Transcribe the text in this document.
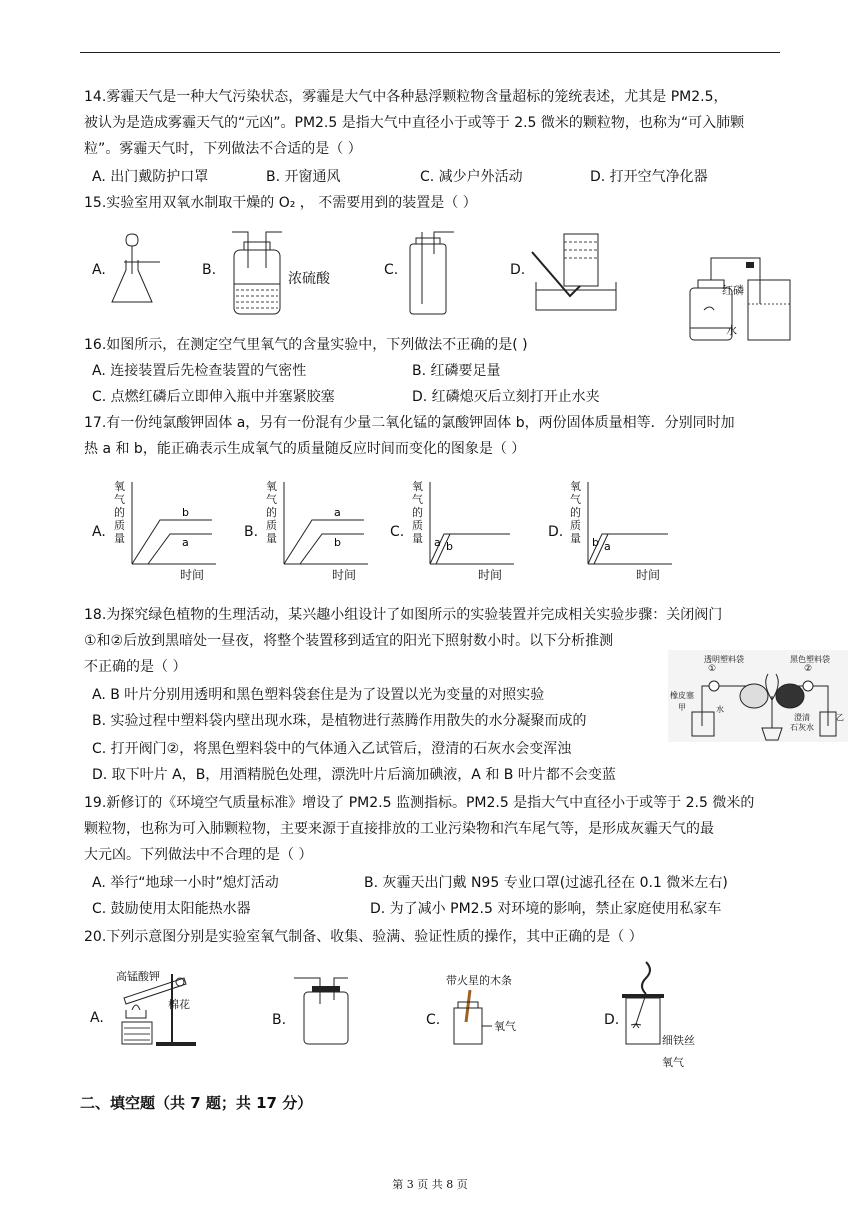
14.雾霾天气是一种大气污染状态，雾霾是大气中各种悬浮颗粒物含量超标的笼统表述，尤其是 PM2.5，
被认为是造成雾霾天气的“元凶”。PM2.5 是指大气中直径小于或等于 2.5 微米的颗粒物，也称为“可入肺颗
粒”。雾霾天气时，下列做法不合适的是（ ）
A. 出门戴防护口罩	B. 开窗通风	C. 减少户外活动	D. 打开空气净化器
15.实验室用双氧水制取干燥的 O₂ ， 不需要用到的装置是（ ）
A.	B.
浓硫酸
C.	D.
红磷
水
16.如图所示，在测定空气里氧气的含量实验中，下列做法不正确的是( )
A. 连接装置后先检查装置的气密性	B. 红磷要足量
C. 点燃红磷后立即伸入瓶中并塞紧胶塞	D. 红磷熄灭后立刻打开止水夹
17.有一份纯氯酸钾固体 a，另有一份混有少量二氧化锰的氯酸钾固体 b，两份固体质量相等．分别同时加
热 a 和 b，能正确表示生成氧气的质量随反应时间而变化的图象是（ ）
A.
氧
气
的
质
量
b
a
时间
B.
氧
气
的
质
量
a
b
时间
C.
氧
气
的
质
量 a b
时间
D.
氧
气
的
质
量 b a
时间
18.为探究绿色植物的生理活动，某兴趣小组设计了如图所示的实验装置并完成相关实验步骤：关闭阀门
①和②后放到黑暗处一昼夜，将整个装置移到适宜的阳光下照射数小时。以下分析推测
不正确的是（ ）
A. B 叶片分别用透明和黑色塑料袋套住是为了设置以光为变量的对照实验
B. 实验过程中塑料袋内壁出现水珠，是植物进行蒸腾作用散失的水分凝聚而成的
C. 打开阀门②，将黑色塑料袋中的气体通入乙试管后，澄清的石灰水会变浑浊
D. 取下叶片 A，B，用酒精脱色处理，漂洗叶片后滴加碘液，A 和 B 叶片都不会变蓝
透明塑料袋	黑色塑料袋
①	②
橡皮塞
甲	水
澄清
石灰水
乙
19.新修订的《环境空气质量标准》增设了 PM2.5 监测指标。PM2.5 是指大气中直径小于或等于 2.5 微米的
颗粒物，也称为可入肺颗粒物，主要来源于直接排放的工业污染物和汽车尾气等，是形成灰霾天气的最
大元凶。下列做法中不合理的是（ ）
A. 举行“地球一小时”熄灯活动	B. 灰霾天出门戴 N95 专业口罩(过滤孔径在 0.1 微米左右)
C. 鼓励使用太阳能热水器	D. 为了减小 PM2.5 对环境的影响，禁止家庭使用私家车
20.下列示意图分别是实验室氧气制备、收集、验满、验证性质的操作，其中正确的是（ ）
A.
高锰酸钾
棉花
B.	C.
带火星的木条
氧气	D.
细铁丝
氧气
二、填空题（共 7 题；共 17 分）
第 3 页 共 8 页
